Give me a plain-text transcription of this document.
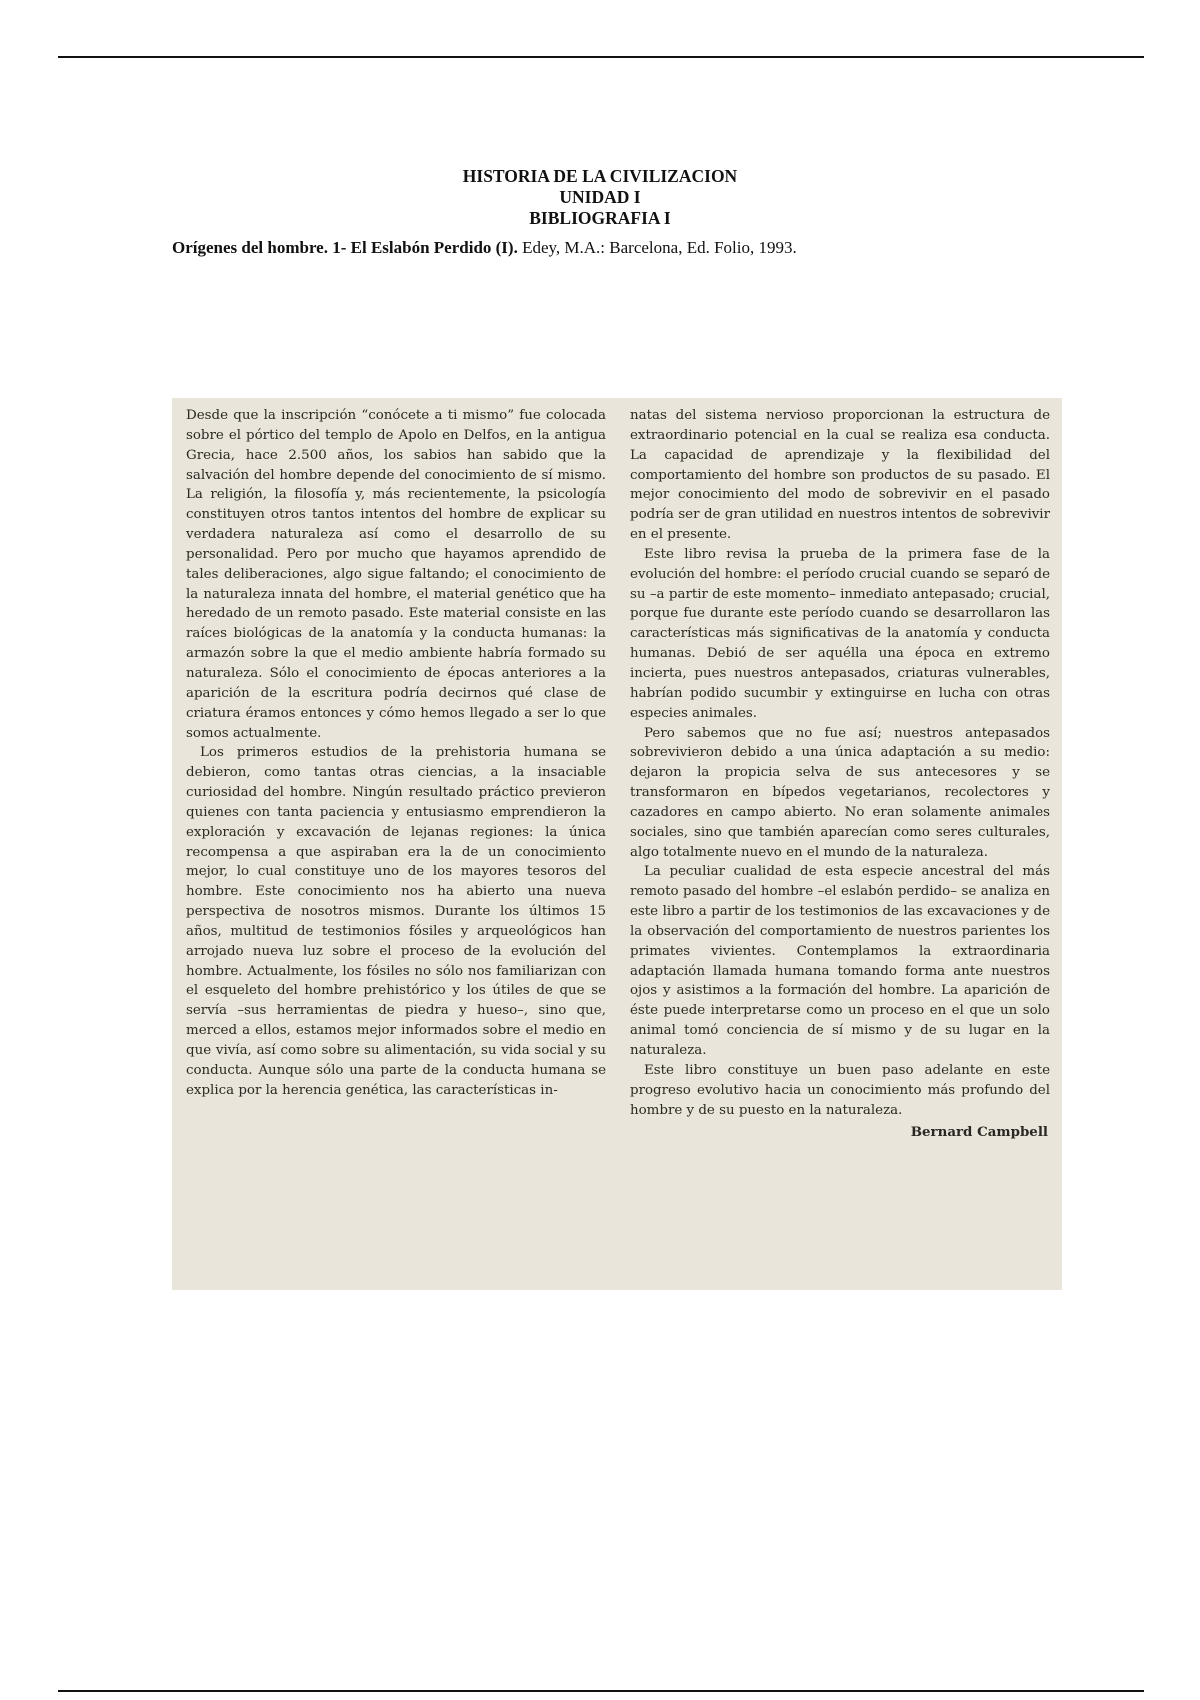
HISTORIA DE LA CIVILIZACION
UNIDAD I
BIBLIOGRAFIA I
Orígenes del hombre. 1- El Eslabón Perdido (I). Edey, M.A.: Barcelona, Ed. Folio, 1993.

Desde que la inscripción “conócete a ti mismo” fue colocada sobre el pórtico del templo de Apolo en Delfos, en la antigua Grecia, hace 2.500 años, los sabios han sabido que la salvación del hombre depende del conocimiento de sí mismo. La religión, la filosofía y, más recientemente, la psicología constituyen otros tantos intentos del hombre de explicar su verdadera naturaleza así como el desarrollo de su personalidad. Pero por mucho que hayamos aprendido de tales deliberaciones, algo sigue faltando; el conocimiento de la naturaleza innata del hombre, el material genético que ha heredado de un remoto pasado. Este material consiste en las raíces biológicas de la anatomía y la conducta humanas: la armazón sobre la que el medio ambiente habría formado su naturaleza. Sólo el conocimiento de épocas anteriores a la aparición de la escritura podría decirnos qué clase de criatura éramos entonces y cómo hemos llegado a ser lo que somos actualmente.

Los primeros estudios de la prehistoria humana se debieron, como tantas otras ciencias, a la insaciable curiosidad del hombre. Ningún resultado práctico previeron quienes con tanta paciencia y entusiasmo emprendieron la exploración y excavación de lejanas regiones: la única recompensa a que aspiraban era la de un conocimiento mejor, lo cual constituye uno de los mayores tesoros del hombre. Este conocimiento nos ha abierto una nueva perspectiva de nosotros mismos. Durante los últimos 15 años, multitud de testimonios fósiles y arqueológicos han arrojado nueva luz sobre el proceso de la evolución del hombre. Actualmente, los fósiles no sólo nos familiarizan con el esqueleto del hombre prehistórico y los útiles de que se servía –sus herramientas de piedra y hueso–, sino que, merced a ellos, estamos mejor informados sobre el medio en que vivía, así como sobre su alimentación, su vida social y su conducta. Aunque sólo una parte de la conducta humana se explica por la herencia genética, las características in-

natas del sistema nervioso proporcionan la estructura de extraordinario potencial en la cual se realiza esa conducta. La capacidad de aprendizaje y la flexibilidad del comportamiento del hombre son productos de su pasado. El mejor conocimiento del modo de sobrevivir en el pasado podría ser de gran utilidad en nuestros intentos de sobrevivir en el presente.

Este libro revisa la prueba de la primera fase de la evolución del hombre: el período crucial cuando se separó de su –a partir de este momento– inmediato antepasado; crucial, porque fue durante este período cuando se desarrollaron las características más significativas de la anatomía y conducta humanas. Debió de ser aquélla una época en extremo incierta, pues nuestros antepasados, criaturas vulnerables, habrían podido sucumbir y extinguirse en lucha con otras especies animales.

Pero sabemos que no fue así; nuestros antepasados sobrevivieron debido a una única adaptación a su medio: dejaron la propicia selva de sus antecesores y se transformaron en bípedos vegetarianos, recolectores y cazadores en campo abierto. No eran solamente animales sociales, sino que también aparecían como seres culturales, algo totalmente nuevo en el mundo de la naturaleza.

La peculiar cualidad de esta especie ancestral del más remoto pasado del hombre –el eslabón perdido– se analiza en este libro a partir de los testimonios de las excavaciones y de la observación del comportamiento de nuestros parientes los primates vivientes. Contemplamos la extraordinaria adaptación llamada humana tomando forma ante nuestros ojos y asistimos a la formación del hombre. La aparición de éste puede interpretarse como un proceso en el que un solo animal tomó conciencia de sí mismo y de su lugar en la naturaleza.

Este libro constituye un buen paso adelante en este progreso evolutivo hacia un conocimiento más profundo del hombre y de su puesto en la naturaleza.

Bernard Campbell
